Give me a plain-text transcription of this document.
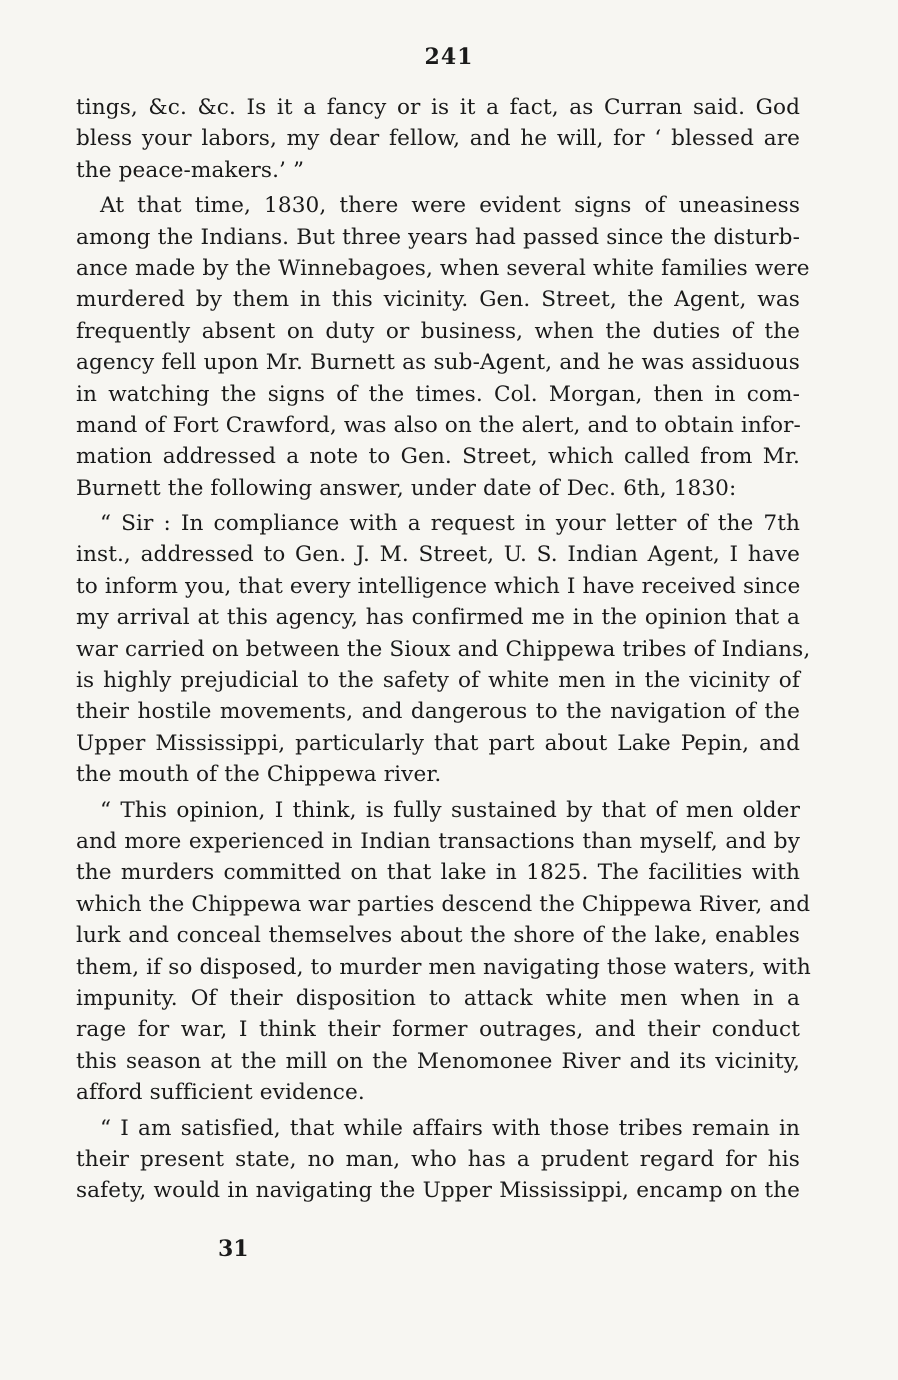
241
tings, &c. &c. Is it a fancy or is it a fact, as Curran said. God
bless your labors, my dear fellow, and he will, for ‘ blessed are
the peace-makers.’ ”
At that time, 1830, there were evident signs of uneasiness
among the Indians. But three years had passed since the disturb-
ance made by the Winnebagoes, when several white families were
murdered by them in this vicinity. Gen. Street, the Agent, was
frequently absent on duty or business, when the duties of the
agency fell upon Mr. Burnett as sub-Agent, and he was assiduous
in watching the signs of the times. Col. Morgan, then in com-
mand of Fort Crawford, was also on the alert, and to obtain infor-
mation addressed a note to Gen. Street, which called from Mr.
Burnett the following answer, under date of Dec. 6th, 1830:
“ Sir : In compliance with a request in your letter of the 7th
inst., addressed to Gen. J. M. Street, U. S. Indian Agent, I have
to inform you, that every intelligence which I have received since
my arrival at this agency, has confirmed me in the opinion that a
war carried on between the Sioux and Chippewa tribes of Indians,
is highly prejudicial to the safety of white men in the vicinity of
their hostile movements, and dangerous to the navigation of the
Upper Mississippi, particularly that part about Lake Pepin, and
the mouth of the Chippewa river.
“ This opinion, I think, is fully sustained by that of men older
and more experienced in Indian transactions than myself, and by
the murders committed on that lake in 1825. The facilities with
which the Chippewa war parties descend the Chippewa River, and
lurk and conceal themselves about the shore of the lake, enables
them, if so disposed, to murder men navigating those waters, with
impunity. Of their disposition to attack white men when in a
rage for war, I think their former outrages, and their conduct
this season at the mill on the Menomonee River and its vicinity,
afford sufficient evidence.
“ I am satisfied, that while affairs with those tribes remain in
their present state, no man, who has a prudent regard for his
safety, would in navigating the Upper Mississippi, encamp on the
31
